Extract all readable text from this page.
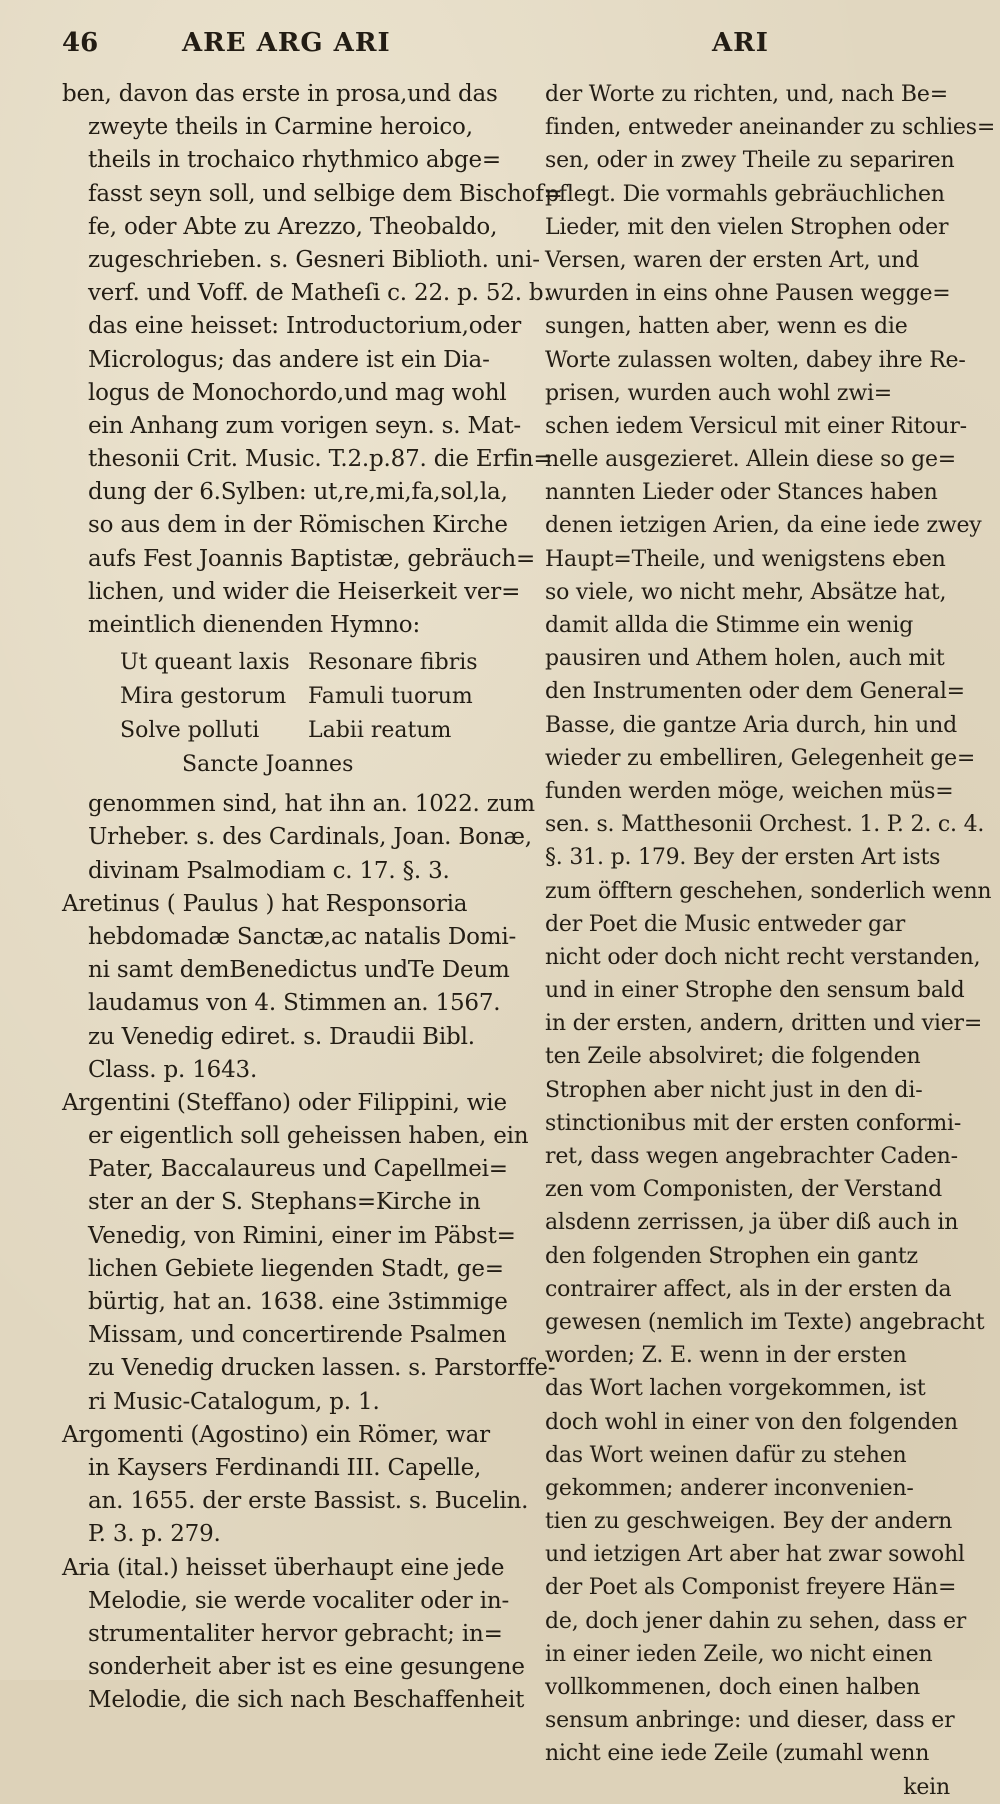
46	ARE ARG ARI	ARI
ben, davon das erste in prosa,und das
zweyte theils in Carmine heroico,
theils in trochaico rhythmico abge=
fasst seyn soll, und selbige dem Bischof=
fe, oder Abte zu Arezzo, Theobaldo,
zugeschrieben. s. Gesneri Biblioth. uni-
verf. und Voff. de Matheſi c. 22. p. 52. b.
das eine heisset: Introductorium,oder
Micrologus; das andere ist ein Dia-
logus de Monochordo,und mag wohl
ein Anhang zum vorigen seyn. s. Mat-
thesonii Crit. Music. T.2.p.87. die Erfin=
dung der 6.Sylben: ut,re,mi,fa,sol,la,
so aus dem in der Römischen Kirche
aufs Fest Joannis Baptistæ, gebräuch=
lichen, und wider die Heiserkeit ver=
meintlich dienenden Hymno:
Ut queant laxis Resonare fibris
Mira gestorum Famuli tuorum
Solve polluti Labii reatum
Sancte Joannes
genommen sind, hat ihn an. 1022. zum
Urheber. s. des Cardinals, Joan. Bonæ,
divinam Psalmodiam c. 17. §. 3.
Aretinus ( Paulus ) hat Responsoria
hebdomadæ Sanctæ,ac natalis Domi-
ni samt demBenedictus undTe Deum
laudamus von 4. Stimmen an. 1567.
zu Venedig ediret. s. Draudii Bibl.
Class. p. 1643.
Argentini (Steffano) oder Filippini, wie
er eigentlich soll geheissen haben, ein
Pater, Baccalaureus und Capellmei=
ster an der S. Stephans=Kirche in
Venedig, von Rimini, einer im Päbst=
lichen Gebiete liegenden Stadt, ge=
bürtig, hat an. 1638. eine 3stimmige
Missam, und concertirende Psalmen
zu Venedig drucken lassen. s. Parstorffe-
ri Music-Catalogum, p. 1.
Argomenti (Agostino) ein Römer, war
in Kaysers Ferdinandi III. Capelle,
an. 1655. der erste Bassist. s. Bucelin.
P. 3. p. 279.
Aria (ital.) heisset überhaupt eine jede
Melodie, sie werde vocaliter oder in-
strumentaliter hervor gebracht; in=
sonderheit aber ist es eine gesungene
Melodie, die sich nach Beschaffenheit
der Worte zu richten, und, nach Be=
finden, entweder aneinander zu schlies=
sen, oder in zwey Theile zu separiren
pflegt. Die vormahls gebräuchlichen
Lieder, mit den vielen Strophen oder
Versen, waren der ersten Art, und
wurden in eins ohne Pausen wegge=
sungen, hatten aber, wenn es die
Worte zulassen wolten, dabey ihre Re-
prisen, wurden auch wohl zwi=
schen iedem Versicul mit einer Ritour-
nelle ausgezieret. Allein diese so ge=
nannten Lieder oder Stances haben
denen ietzigen Arien, da eine iede zwey
Haupt=Theile, und wenigstens eben
so viele, wo nicht mehr, Absätze hat,
damit allda die Stimme ein wenig
pausiren und Athem holen, auch mit
den Instrumenten oder dem General=
Basse, die gantze Aria durch, hin und
wieder zu embelliren, Gelegenheit ge=
funden werden möge, weichen müs=
sen. s. Matthesonii Orchest. 1. P. 2. c. 4.
§. 31. p. 179. Bey der ersten Art ists
zum öfftern geschehen, sonderlich wenn
der Poet die Music entweder gar
nicht oder doch nicht recht verstanden,
und in einer Strophe den sensum bald
in der ersten, andern, dritten und vier=
ten Zeile absolviret; die folgenden
Strophen aber nicht just in den di-
stinctionibus mit der ersten conformi-
ret, dass wegen angebrachter Caden-
zen vom Componisten, der Verstand
alsdenn zerrissen, ja über diß auch in
den folgenden Strophen ein gantz
contrairer affect, als in der ersten da
gewesen (nemlich im Texte) angebracht
worden; Z. E. wenn in der ersten
das Wort lachen vorgekommen, ist
doch wohl in einer von den folgenden
das Wort weinen dafür zu stehen
gekommen; anderer inconvenien-
tien zu geschweigen. Bey der andern
und ietzigen Art aber hat zwar sowohl
der Poet als Componist freyere Hän=
de, doch jener dahin zu sehen, dass er
in einer ieden Zeile, wo nicht einen
vollkommenen, doch einen halben
sensum anbringe: und dieser, dass er
nicht eine iede Zeile (zumahl wenn
kein
